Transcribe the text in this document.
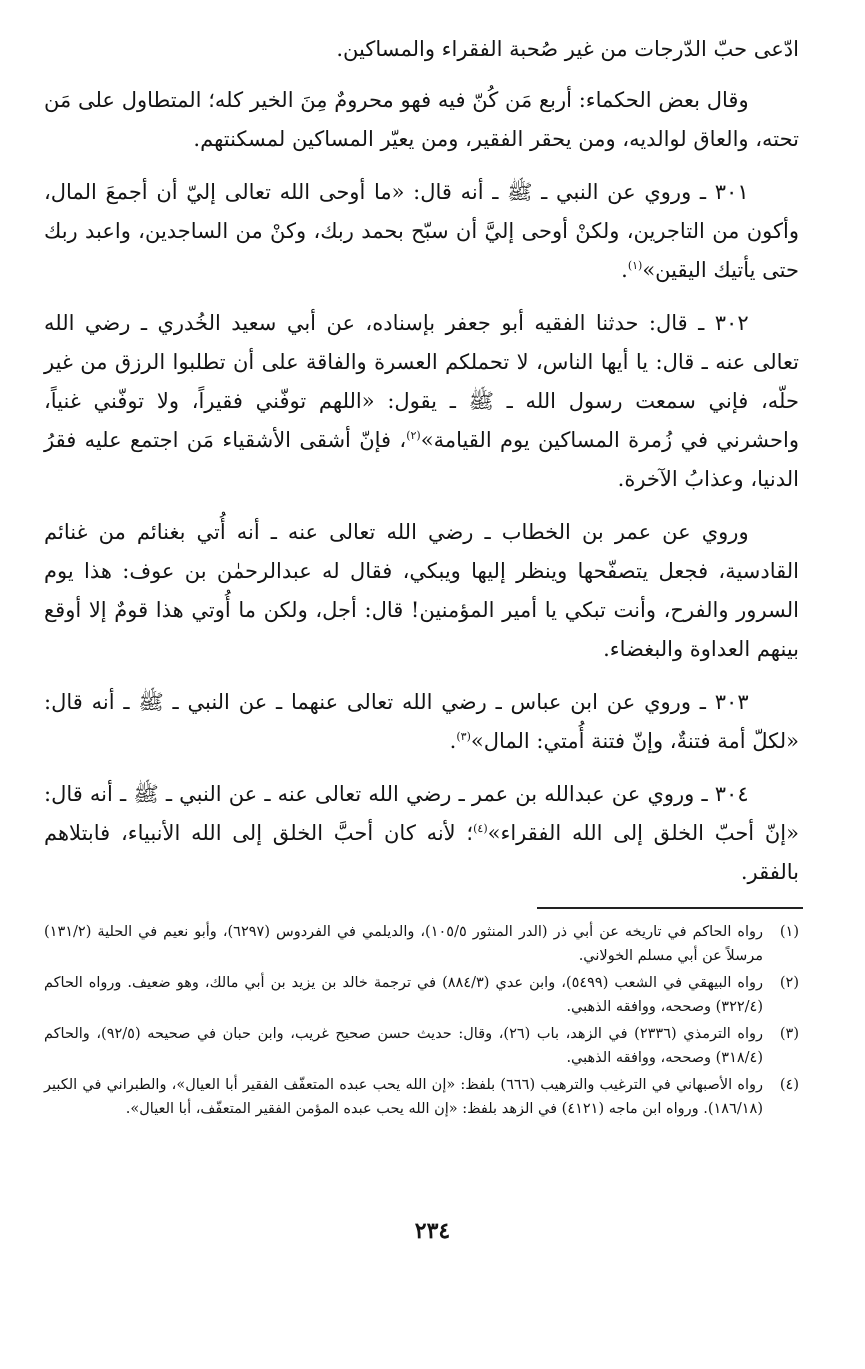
ادّعى حبّ الدّرجات من غير صُحبة الفقراء والمساكين.

وقال بعض الحكماء: أربع مَن كُنّ فيه فهو محرومٌ مِنَ الخير كله؛ المتطاول على مَن تحته، والعاق لوالديه، ومن يحقر الفقير، ومن يعيّر المساكين لمسكنتهم.

٣٠١ ـ وروي عن النبي ـ ﷺ ـ أنه قال: «ما أوحى الله تعالى إليّ أن أجمعَ المال، وأكون من التاجرين، ولكنْ أوحى إليَّ أن سبّح بحمد ربك، وكنْ من الساجدين، واعبد ربك حتى يأتيك اليقين»$^{(١)}$.

٣٠٢ ـ قال: حدثنا الفقيه أبو جعفر بإسناده، عن أبي سعيد الخُدري ـ رضي الله تعالى عنه ـ قال: يا أيها الناس، لا تحملكم العسرة والفاقة على أن تطلبوا الرزق من غير حلّه، فإني سمعت رسول الله ـ ﷺ ـ يقول: «اللهم توفّني فقيراً، ولا توفّني غنياً، واحشرني في زُمرة المساكين يوم القيامة»$^{(٢)}$، فإنّ أشقى الأشقياء مَن اجتمع عليه فقرُ الدنيا، وعذابُ الآخرة.

وروي عن عمر بن الخطاب ـ رضي الله تعالى عنه ـ أنه أُتي بغنائم من غنائم القادسية، فجعل يتصفّحها وينظر إليها ويبكي، فقال له عبدالرحمٰن بن عوف: هذا يوم السرور والفرح، وأنت تبكي يا أمير المؤمنين! قال: أجل، ولكن ما أُوتي هذا قومٌ إلا أوقع بينهم العداوة والبغضاء.

٣٠٣ ـ وروي عن ابن عباس ـ رضي الله تعالى عنهما ـ عن النبي ـ ﷺ ـ أنه قال: «لكلّ أمة فتنةٌ، وإنّ فتنة أُمتي: المال»$^{(٣)}$.

٣٠٤ ـ وروي عن عبدالله بن عمر ـ رضي الله تعالى عنه ـ عن النبي ـ ﷺ ـ أنه قال: «إنّ أحبّ الخلق إلى الله الفقراء»$^{(٤)}$؛ لأنه كان أحبَّ الخلق إلى الله الأنبياء، فابتلاهم بالفقر.

(١)
رواه الحاكم في تاريخه عن أبي ذر (الدر المنثور ١٠٥/٥)، والديلمي في الفردوس (٦٢٩٧)، وأبو نعيم في الحلية (١٣١/٢) مرسلاً عن أبي مسلم الخولاني.
(٢)
رواه البيهقي في الشعب (٥٤٩٩)، وابن عدي (٨٨٤/٣) في ترجمة خالد بن يزيد بن أبي مالك، وهو ضعيف. ورواه الحاكم (٣٢٢/٤) وصححه، ووافقه الذهبي.
(٣)
رواه الترمذي (٢٣٣٦) في الزهد، باب (٢٦)، وقال: حديث حسن صحيح غريب، وابن حبان في صحيحه (٩٢/٥)، والحاكم (٣١٨/٤) وصححه، ووافقه الذهبي.
(٤)
رواه الأصبهاني في الترغيب والترهيب (٦٦٦) بلفظ: «إن الله يحب عبده المتعفّف الفقير أبا العيال»، والطبراني في الكبير (١٨٦/١٨). ورواه ابن ماجه (٤١٢١) في الزهد بلفظ: «إن الله يحب عبده المؤمن الفقير المتعفّف، أبا العيال».
٢٣٤
